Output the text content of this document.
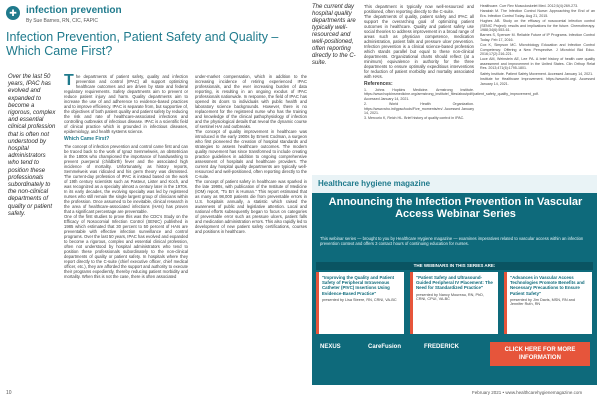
✚ infection prevention
By Sue Barnes, RN, CIC, FAPIC
Infection Prevention, Patient Safety and Quality – Which Came First?
Over the last 50 years, IPAC has evolved and expanded to become a rigorous, complex and essential clinical profession that is often not understood by hospital administrators who tend to position these professionals subordinately to the non-clinical departments of quality or patient safety.
T he departments of patient safety, quality and infection prevention and control (IPAC) all support optimizing healthcare outcomes and are driven by state and federal regulatory requirements. Safety departments aim to prevent or reduce patient injury and harm. Quality departments aim to increase the use of and adherence to evidence-based practices and to improve efficiency. IPAC is separate from, but supportive of, the objectives of both patient quality and patient safety by reducing the risk and rate of healthcare-associated infections and controlling outbreaks of infectious disease. IPAC is a scientific field of clinical practice which is grounded in infectious diseases, epidemiology, and health systems science.
Which Came First?
The concept of infection prevention and control came first and can be traced back to the work of Ignaz Semmelweis, an obstetrician in the 1800s who championed the importance of handwashing to prevent puerperal (childbirth) fever and the associated high incidence of mortality. Unfortunately, as history reports, Semmelweis was ridiculed and his germ theory was dismissed. The current-day profession of IPAC is instead based on the work of 19th century scientists such as Pasteur, Lister and Koch, and was recognized as a specialty almost a century later in the 1970s. In its early decades, the evolving specialty was led by registered nurses who still remain the single largest group of clinicians within the profession. Once assumed to be inevitable, clinical research in the area of healthcare-associated infections (HAIs) has proven that a significant percentage are preventable.
One of the first studies to prove this was the CDC's Study on the Efficacy of Nosocomial Infection Control (SENIC) published in 1985 which estimated that 30 percent to 50 percent of HAIs are preventable with effective infection surveillance and control programs. Over the last 50 years, IPAC has evolved and expanded to become a rigorous, complex and essential clinical profession, often not understood by hospital administrators who tend to position these professionals subordinately to the non-clinical departments of quality or patient safety. In hospitals where they report directly to the C-suite (chief executive officer, chief medical officer, etc.), they are afforded the support and authority to execute their programs expediently, thereby reducing patient morbidity and mortality. When this is not the case, there is often associated
under-market compensation, which in addition to the increasing incidence of retiring experienced IPAC professionals, and the ever increasing burden of data reporting, is resulting in an ongoing exodus of IPAC professionals nationwide. In response, the field of IPAC has opened its doors to individuals with public health and laboratory science backgrounds. However, there is no replacement for the registered nurse who has the training and knowledge of the clinical pathophysiology of infection and the physiological details that reveal the dynamic course of sentinel HAI and outbreaks.
The concept of quality improvement in healthcare was introduced in the early 1900s by Ernest Codman, a surgeon who first pioneered the creation of hospital standards and strategies to assess healthcare outcomes. The modern quality movement has since transformed to include creating practice guidelines in addition to ongoing comprehensive assessment of hospitals and healthcare providers. The current day hospital quality departments are typically well-resourced and well-positioned, often reporting directly to the C-suite.
The concept of patient safety in healthcare was sparked in the late 1990s, with publication of the Institute of Medicine (IOM) report, "To Err is Human." This report estimated that as many as 98,000 patients die from preventable errors in U.S. hospitals annually, a statistic which raised the awareness of public and legislative attention. Local and national efforts subsequently began to focus on categories of preventable error such as pressure ulcers, patient falls and medication administration errors. This also rapidly led to development of new patient safety certifications, courses and positions in healthcare.
The current day hospital quality departments are typically well-resourced and well-positioned, often reporting directly to the C-suite.
This department is typically now well-resourced and positioned, often reporting directly to the C-suite.
The departments of quality, patient safety and IPAC all support the overarching goal of optimizing patient outcomes in healthcare. Quality and patient safety use social theories to address improvement in a broad range of areas such as physician competence, medication administration, patient falls and pressure ulcer prevention. Infection prevention is a clinical science-based profession which stands parallel but equal to these non-clinical departments. Organizational charts should reflect (at a minimum) equivalence in authority for the three departments to ensure optimally expeditious interventions for reduction of patient morbidity and mortality associated with HAIs.
References:
1. Johns Hopkins Medicine. Armstrong Institute. https://www.hopkinsmedicine.org/armstrong_institute/_files/aboutpdf/patient_safety_quality_improvement_pdf. Accessed January 14, 2021.
2. World Health Organization. https://www.who.int/gpsc/tools/Five_moments/en/. Accessed January 14, 2021.
3. Mercurio K, Reich HL. Brief history of quality control in IPAC.
Healthcare. Curr Rev Musculoskelet Med. 2012;5(4):269-273.
Haraksh M. The Infection Control Nurse: Approaching the End of an Era. Infection Control Today. Aug 21, 2015.
Hughes AB. Study on the efficacy of nosocomial infection control (SENIC Project): results and implications for the future. Chemotherapy. 1988;34(6):553-61.
Barnes S, Spencer M. Reliable Future of IP Programs. Infection Control Today. Feb 17, 2016.
Cox K, Simpson MC. Microbiology Education and Infection Control Competency: Offering a New Perspective. J Microbiol Biol Educ. 2016;17(2):216-221.
Luce AM, Weinstein AE, Lee PA. A brief history of health care quality assessment and improvement in the United States. Clin Orthop Relat Res. 2013;471(6):1795-1801.
Safety Institute. Patient Safety Movement. Accessed January 14, 2021.
Institute for Healthcare Improvement. https://www.ihi.org/. Accessed January 14, 2021.
Healthcare hygiene magazine
Announcing the Infection Prevention in Vascular Access Webinar Series
This webinar series — brought to you by Healthcare Hygiene magazine — examines imperatives related to vascular access within an infection prevention context and offers 3 contact hours of continuing education for nurses.
THE WEBINARS IN THIS SERIES ARE:
"Improving the Quality and Patient Safety of Peripheral Intravenous Catheter (PIVC) Insertions Using Evidence-Based Practice"
presented by Lisa Steere, RN, CRNI, VA-BC
"Patient Safety and Ultrasound-Guided Peripheral IV Placement: The Need for Standardized Practice"
presented by Nancy Moureau, RN, PhD, CRNI, CPUI, VA-BC
"Advances in Vascular Access Technologies Promote Benefits and Necessary Precautions to Ensure Patient Safety"
presented by Jim Davis, MSN, RN and Jennifer Ruth, RN
NEXUS	CareFusion	FREDERICK	CLICK HERE FOR MORE INFORMATION
10	February 2021 • www.healthcarehygienemagazine.com
